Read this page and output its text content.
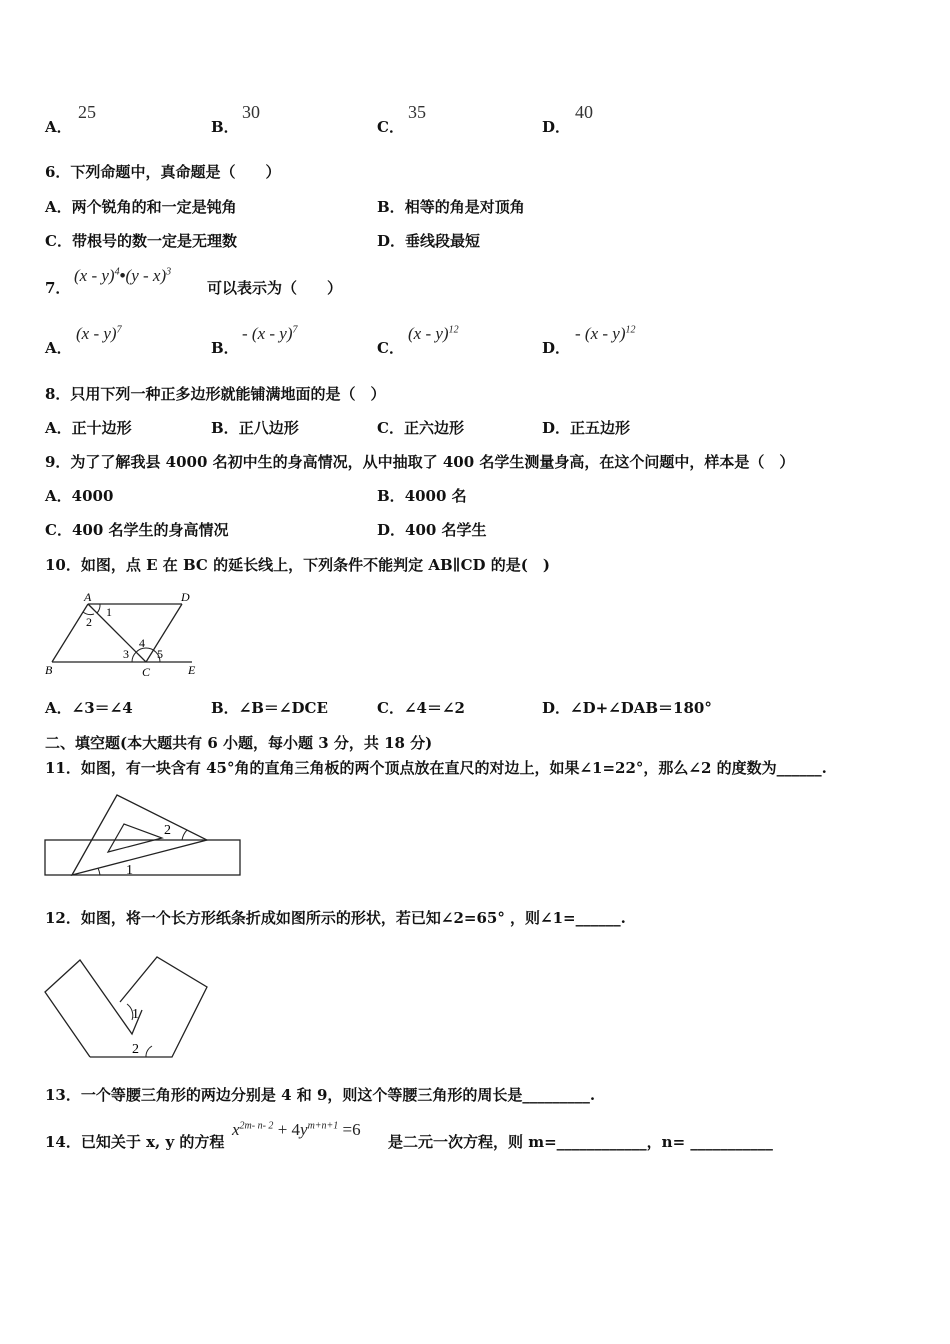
A．
25
B．
30
C．
35
D．
40
6．下列命题中，真命题是（　　）
A．两个锐角的和一定是钝角	B．相等的角是对顶角
C．带根号的数一定是无理数	D．垂线段最短
7．
(x - y)$^4$•(y - x)$^3$
可以表示为（　　）
A．
(x - y)$^7$
B．
- (x - y)$^7$
C．
(x - y)$^{12}$
D．
- (x - y)$^{12}$
8．只用下列一种正多边形就能铺满地面的是（　）
A．正十边形	B．正八边形	C．正六边形	D．正五边形
9．为了了解我县 4000 名初中生的身高情况，从中抽取了 400 名学生测量身高，在这个问题中，样本是（　）
A．4000	B．4000 名
C．400 名学生的身高情况	D．400 名学生
10．如图，点 E 在 BC 的延长线上，下列条件不能判定 AB∥CD 的是(　)
A	D
B	C	E
1
2
3
4
5
A．∠3＝∠4	B．∠B＝∠DCE	C．∠4＝∠2	D．∠D+∠DAB＝180°
二、填空题(本大题共有 6 小题，每小题 3 分，共 18 分)
11．如图，有一块含有 45°角的直角三角板的两个顶点放在直尺的对边上，如果∠1=22°，那么∠2 的度数为______.
1
2
12．如图，将一个长方形纸条折成如图所示的形状，若已知∠2=65° ，则∠1=______.
1
2
13．一个等腰三角形的两边分别是 4 和 9，则这个等腰三角形的周长是_________.
14．已知关于 x, y 的方程
$x^{2m- n- 2} + 4y^{m+n+1} =6$
是二元一次方程，则 m=____________，n= ___________
